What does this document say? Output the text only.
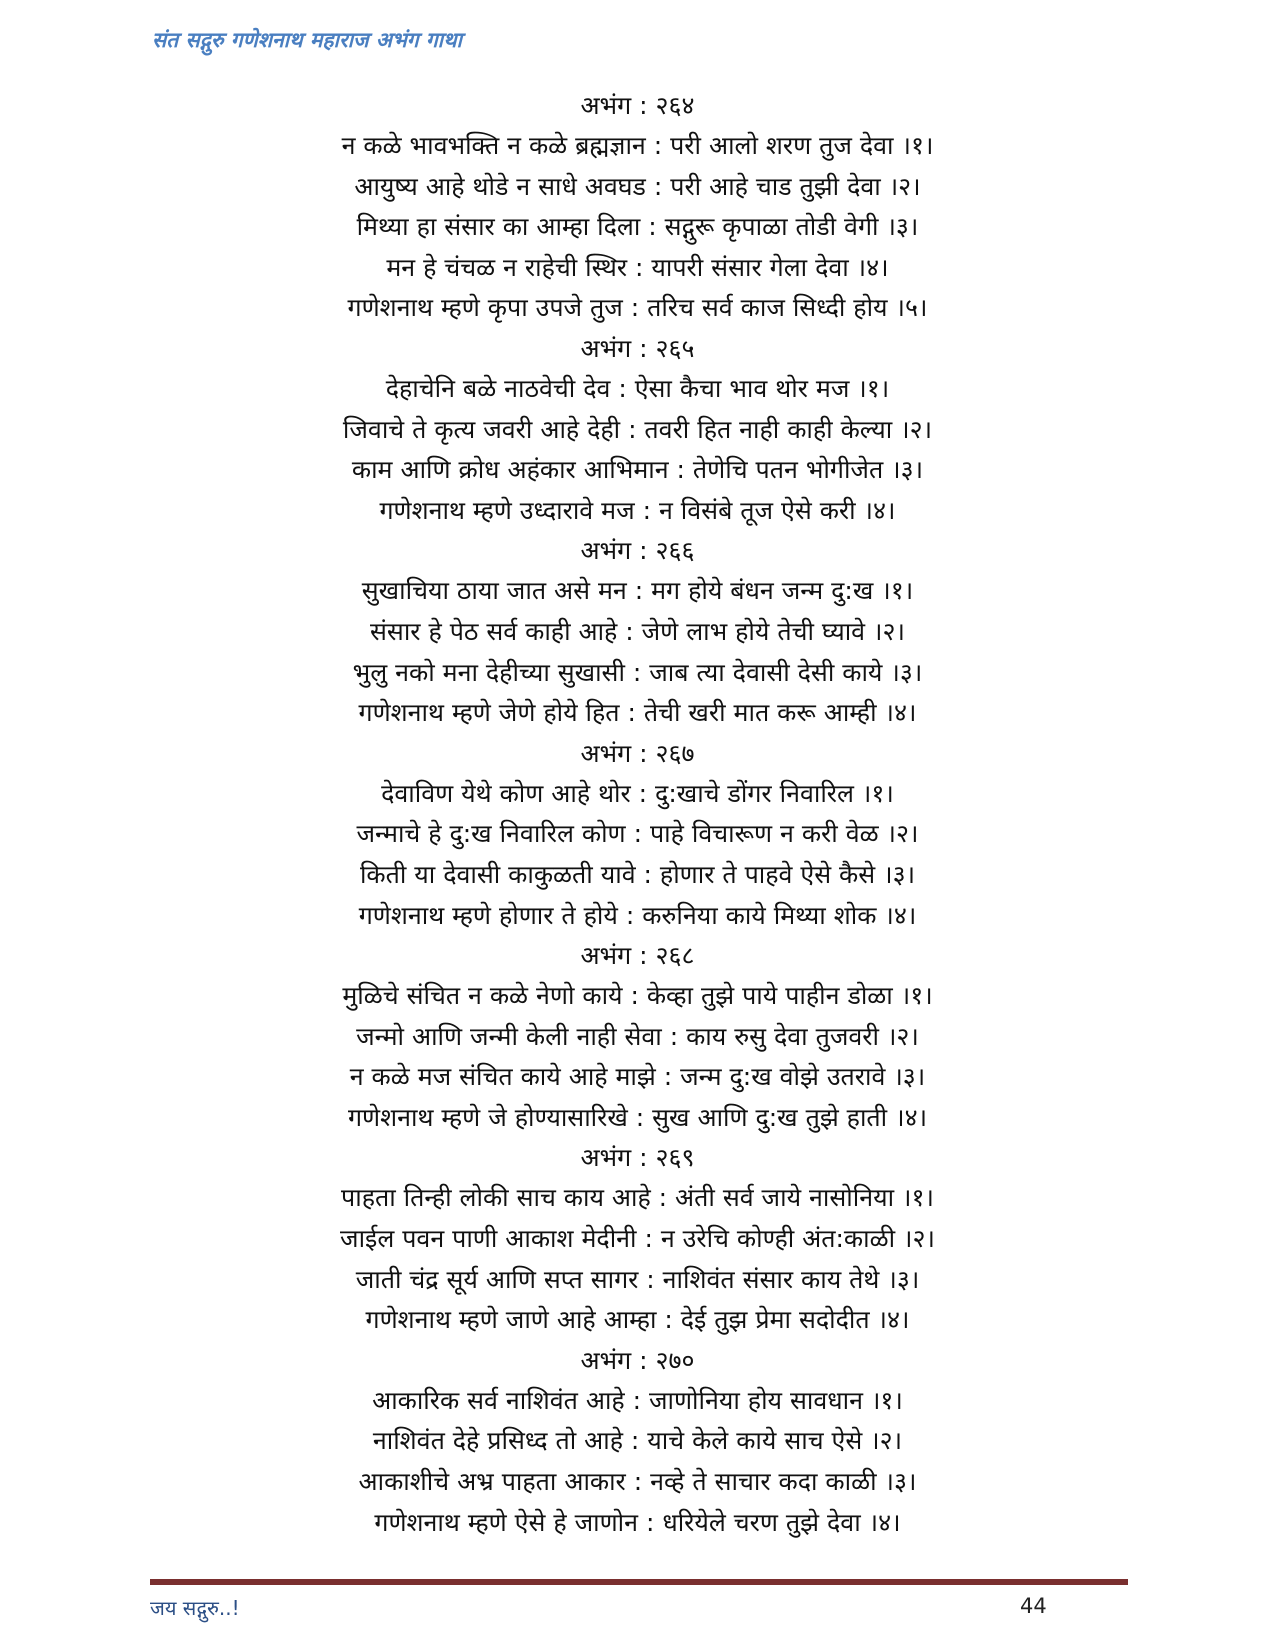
संत सद्गुरु गणेशनाथ महाराज अभंग गाथा
अभंग : २६४
न कळे भावभक्ति न कळे ब्रह्मज्ञान : परी आलो शरण तुज देवा ।१।
आयुष्य आहे थोडे न साधे अवघड : परी आहे चाड तुझी देवा ।२।
मिथ्या हा संसार का आम्हा दिला : सद्गुरू कृपाळा तोडी वेगी ।३।
मन हे चंचळ न राहेची स्थिर : यापरी संसार गेला देवा ।४।
गणेशनाथ म्हणे कृपा उपजे तुज : तरिच सर्व काज सिध्दी होय ।५।
अभंग : २६५
देहाचेनि बळे नाठवेची देव : ऐसा कैचा भाव थोर मज ।१।
जिवाचे ते कृत्य जवरी आहे देही : तवरी हित नाही काही केल्या ।२।
काम आणि क्रोध अहंकार आभिमान : तेणेचि पतन भोगीजेत ।३।
गणेशनाथ म्हणे उध्दारावे मज : न विसंबे तूज ऐसे करी ।४।
अभंग : २६६
सुखाचिया ठाया जात असे मन : मग होये बंधन जन्म दु:ख ।१।
संसार हे पेठ सर्व काही आहे : जेणे लाभ होये तेची घ्यावे ।२।
भुलु नको मना देहीच्या सुखासी : जाब त्या देवासी देसी काये ।३।
गणेशनाथ म्हणे जेणे होये हित : तेची खरी मात करू आम्ही ।४।
अभंग : २६७
देवाविण येथे कोण आहे थोर : दु:खाचे डोंगर निवारिल ।१।
जन्माचे हे दु:ख निवारिल कोण : पाहे विचारूण न करी वेळ ।२।
किती या देवासी काकुळती यावे : होणार ते पाहवे ऐसे कैसे ।३।
गणेशनाथ म्हणे होणार ते होये : करुनिया काये मिथ्या शोक ।४।
अभंग : २६८
मुळिचे संचित न कळे नेणो काये : केव्हा तुझे पाये पाहीन डोळा ।१।
जन्मो आणि जन्मी केली नाही सेवा : काय रुसु देवा तुजवरी ।२।
न कळे मज संचित काये आहे माझे : जन्म दु:ख वोझे उतरावे ।३।
गणेशनाथ म्हणे जे होण्यासारिखे : सुख आणि दु:ख तुझे हाती ।४।
अभंग : २६९
पाहता तिन्ही लोकी साच काय आहे : अंती सर्व जाये नासोनिया ।१।
जाईल पवन पाणी आकाश मेदीनी : न उरेचि कोण्ही अंत:काळी ।२।
जाती चंद्र सूर्य आणि सप्त सागर : नाशिवंत संसार काय तेथे ।३।
गणेशनाथ म्हणे जाणे आहे आम्हा : देई तुझ प्रेमा सदोदीत ।४।
अभंग : २७०
आकारिक सर्व नाशिवंत आहे : जाणोनिया होय सावधान ।१।
नाशिवंत देहे प्रसिध्द तो आहे : याचे केले काये साच ऐसे ।२।
आकाशीचे अभ्र पाहता आकार : नव्हे ते साचार कदा काळी ।३।
गणेशनाथ म्हणे ऐसे हे जाणोन : धरियेले चरण तुझे देवा ।४।
जय सद्गुरु..!	44
